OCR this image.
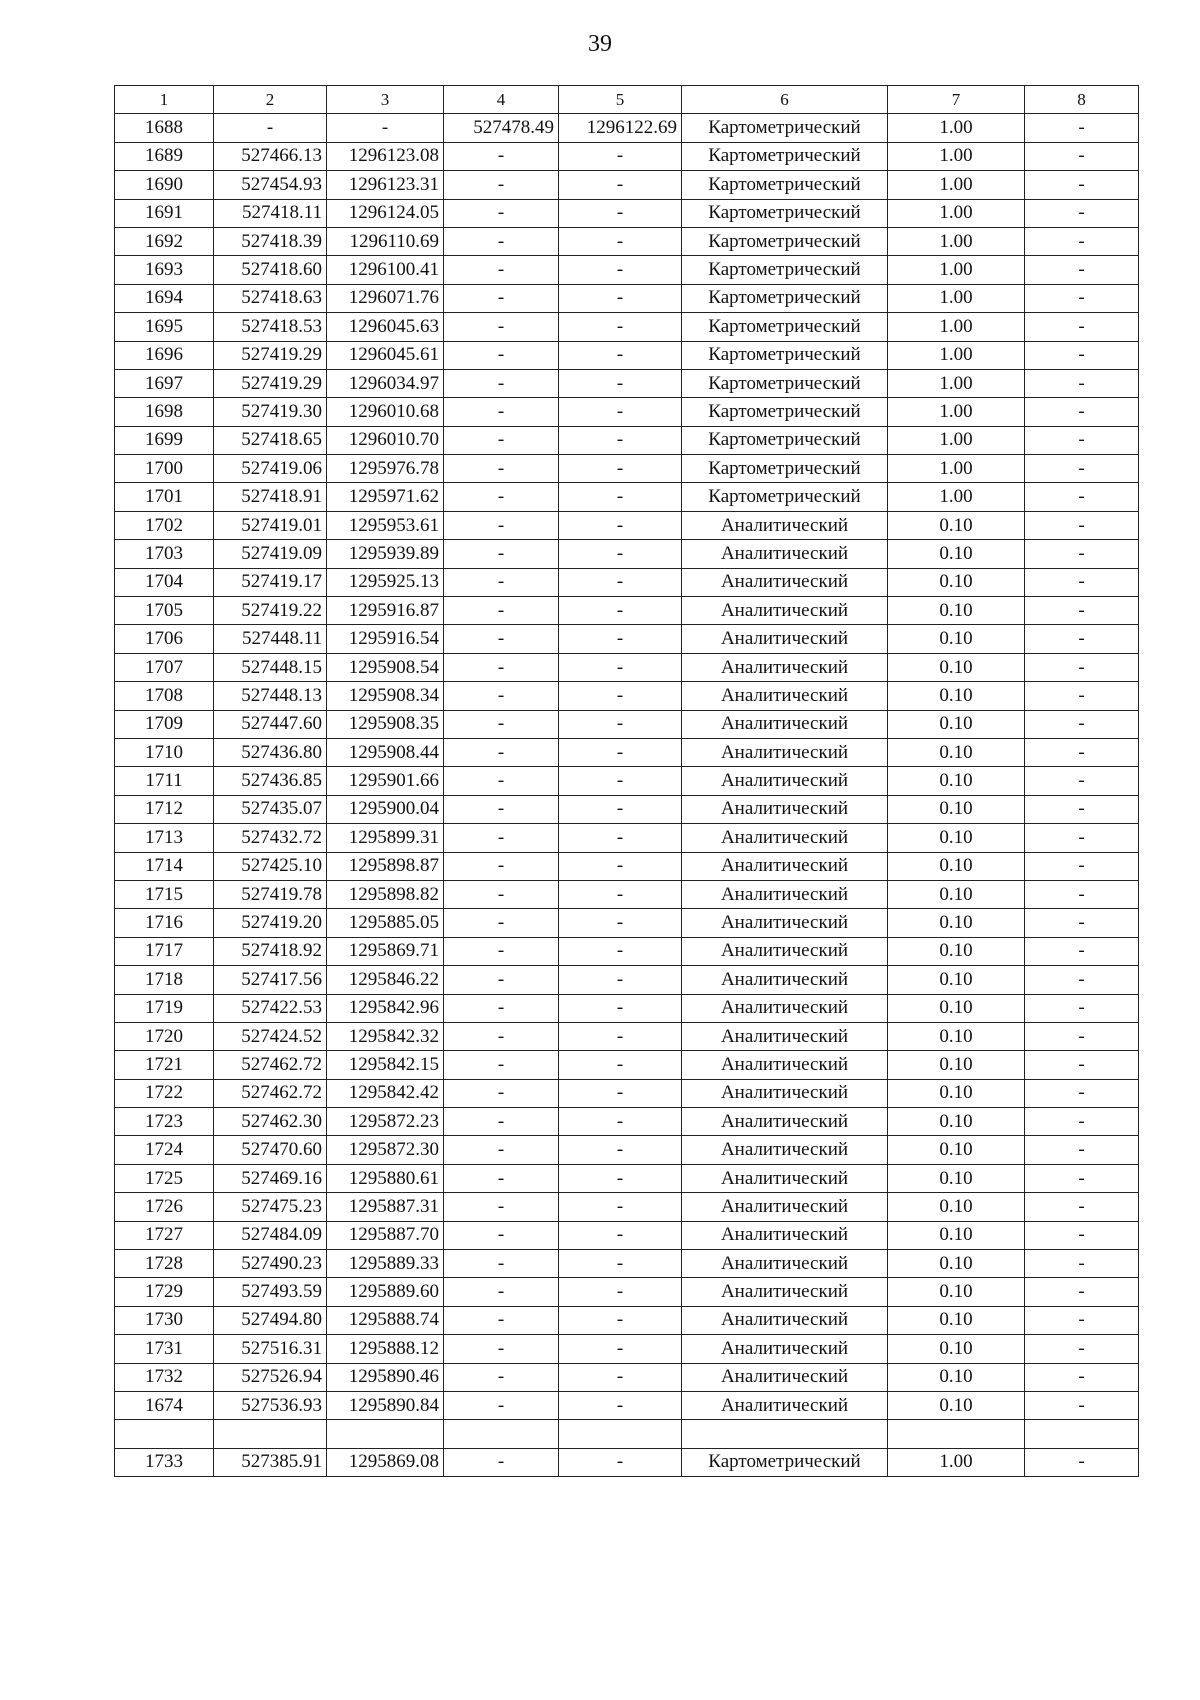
39
1	2	3	4	5	6	7	8
1688	-	-	527478.49	1296122.69	Картометрический	1.00	-
1689	527466.13	1296123.08	-	-	Картометрический	1.00	-
1690	527454.93	1296123.31	-	-	Картометрический	1.00	-
1691	527418.11	1296124.05	-	-	Картометрический	1.00	-
1692	527418.39	1296110.69	-	-	Картометрический	1.00	-
1693	527418.60	1296100.41	-	-	Картометрический	1.00	-
1694	527418.63	1296071.76	-	-	Картометрический	1.00	-
1695	527418.53	1296045.63	-	-	Картометрический	1.00	-
1696	527419.29	1296045.61	-	-	Картометрический	1.00	-
1697	527419.29	1296034.97	-	-	Картометрический	1.00	-
1698	527419.30	1296010.68	-	-	Картометрический	1.00	-
1699	527418.65	1296010.70	-	-	Картометрический	1.00	-
1700	527419.06	1295976.78	-	-	Картометрический	1.00	-
1701	527418.91	1295971.62	-	-	Картометрический	1.00	-
1702	527419.01	1295953.61	-	-	Аналитический	0.10	-
1703	527419.09	1295939.89	-	-	Аналитический	0.10	-
1704	527419.17	1295925.13	-	-	Аналитический	0.10	-
1705	527419.22	1295916.87	-	-	Аналитический	0.10	-
1706	527448.11	1295916.54	-	-	Аналитический	0.10	-
1707	527448.15	1295908.54	-	-	Аналитический	0.10	-
1708	527448.13	1295908.34	-	-	Аналитический	0.10	-
1709	527447.60	1295908.35	-	-	Аналитический	0.10	-
1710	527436.80	1295908.44	-	-	Аналитический	0.10	-
1711	527436.85	1295901.66	-	-	Аналитический	0.10	-
1712	527435.07	1295900.04	-	-	Аналитический	0.10	-
1713	527432.72	1295899.31	-	-	Аналитический	0.10	-
1714	527425.10	1295898.87	-	-	Аналитический	0.10	-
1715	527419.78	1295898.82	-	-	Аналитический	0.10	-
1716	527419.20	1295885.05	-	-	Аналитический	0.10	-
1717	527418.92	1295869.71	-	-	Аналитический	0.10	-
1718	527417.56	1295846.22	-	-	Аналитический	0.10	-
1719	527422.53	1295842.96	-	-	Аналитический	0.10	-
1720	527424.52	1295842.32	-	-	Аналитический	0.10	-
1721	527462.72	1295842.15	-	-	Аналитический	0.10	-
1722	527462.72	1295842.42	-	-	Аналитический	0.10	-
1723	527462.30	1295872.23	-	-	Аналитический	0.10	-
1724	527470.60	1295872.30	-	-	Аналитический	0.10	-
1725	527469.16	1295880.61	-	-	Аналитический	0.10	-
1726	527475.23	1295887.31	-	-	Аналитический	0.10	-
1727	527484.09	1295887.70	-	-	Аналитический	0.10	-
1728	527490.23	1295889.33	-	-	Аналитический	0.10	-
1729	527493.59	1295889.60	-	-	Аналитический	0.10	-
1730	527494.80	1295888.74	-	-	Аналитический	0.10	-
1731	527516.31	1295888.12	-	-	Аналитический	0.10	-
1732	527526.94	1295890.46	-	-	Аналитический	0.10	-
1674	527536.93	1295890.84	-	-	Аналитический	0.10	-

1733	527385.91	1295869.08	-	-	Картометрический	1.00	-
